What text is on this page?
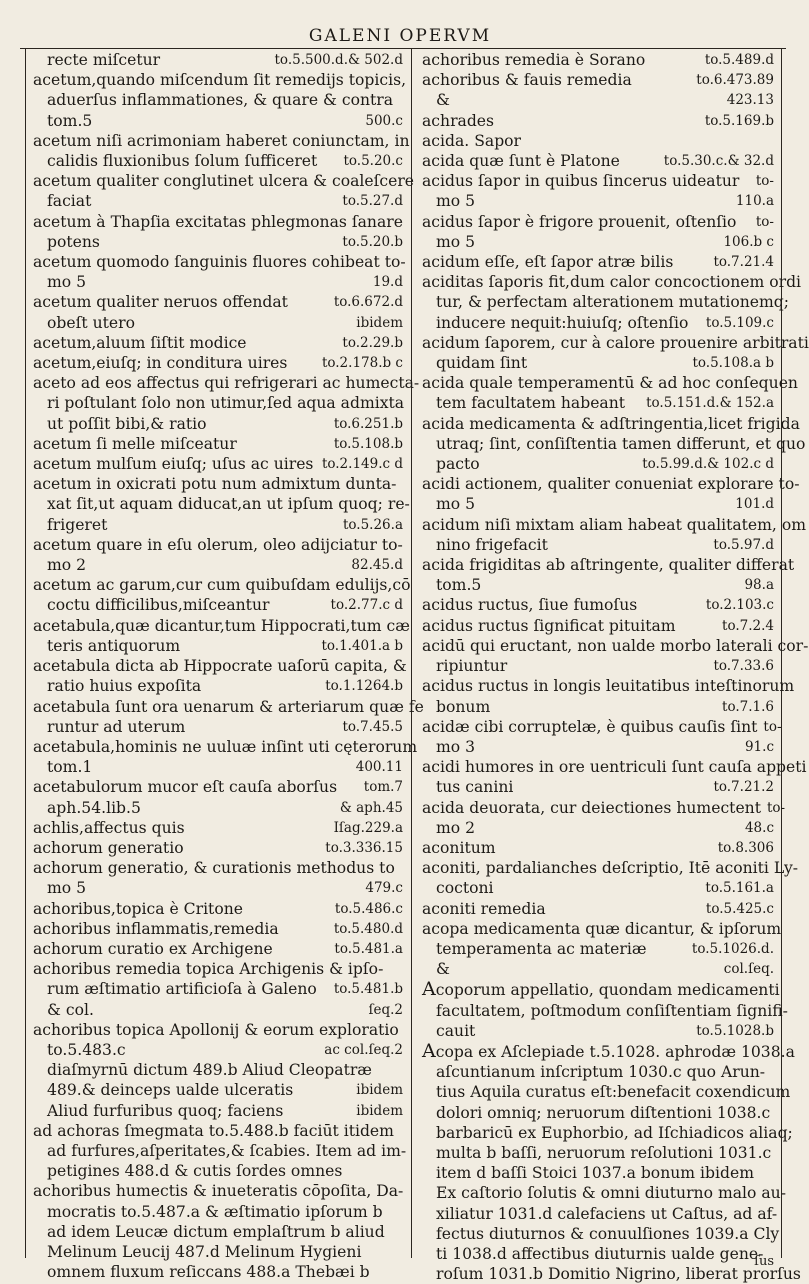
GALENI OPERVM
recte miſcetur	to.5.500.d.& 502.d
acetum,quando miſcendum ſit remedijs topicis,
aduerſus inflammationes, & quare & contra
tom.5	500.c
acetum niſi acrimoniam haberet coniunctam, in
calidis fluxionibus ſolum ſufficeret	to.5.20.c
acetum qualiter conglutinet ulcera & coaleſcere
faciat	to.5.27.d
acetum à Thapſia excitatas phlegmonas ſanare
potens	to.5.20.b
acetum quomodo ſanguinis fluores cohibeat to-
mo 5	19.d
acetum qualiter neruos offendat	to.6.672.d
obeſt utero	ibidem
acetum,aluum ſiſtit modice	to.2.29.b
acetum,eiuſq; in conditura uires	to.2.178.b c
aceto ad eos affectus qui refrigerari ac humecta-
ri poſtulant ſolo non utimur,ſed aqua admixta
ut poſſit bibi,& ratio	to.6.251.b
acetum ſi melle miſceatur	to.5.108.b
acetum mulſum eiuſq; uſus ac uires to.2.149.c d
acetum in oxicrati potu num admixtum dunta-
xat ſit,ut aquam diducat,an ut ipſum quoq; re-
frigeret	to.5.26.a
acetum quare in eſu olerum, oleo adijciatur to-
mo 2	82.45.d
acetum ac garum,cur cum quibuſdam edulijs,cō
coctu difficilibus,miſceantur	to.2.77.c d
acetabula,quæ dicantur,tum Hippocrati,tum cæ
teris antiquorum	to.1.401.a b
acetabula dicta ab Hippocrate uaſorū capita, &
ratio huius expoſita	to.1.1264.b
acetabula ſunt ora uenarum & arteriarum quæ fe
runtur ad uterum	to.7.45.5
acetabula,hominis ne uuluæ inſint uti cęterorum
tom.1	400.11
acetabulorum mucor eſt cauſa aborſus	tom.7
aph.54.lib.5	& aph.45
achlis,affectus quis	Iſag.229.a
achorum generatio	to.3.336.15
achorum generatio, & curationis methodus to
mo 5	479.c
achoribus,topica è Critone	to.5.486.c
achoribus inflammatis,remedia	to.5.480.d
achorum curatio ex Archigene	to.5.481.a
achoribus remedia topica Archigenis & ipſo-
rum æſtimatio artificioſa à Galeno	to.5.481.b
& col.	ſeq.2
achoribus topica Apollonij & eorum exploratio
to.5.483.c	ac col.ſeq.2
diaſmyrnū dictum 489.b Aliud Cleopatræ
489.& deinceps ualde ulceratis	ibidem
Aliud furfuribus quoq; faciens	ibidem
ad achoras ſmegmata to.5.488.b faciūt itidem
ad furfures,aſperitates,& ſcabies. Item ad im-
petigines 488.d & cutis ſordes omnes
achoribus humectis & inueteratis cōpoſita, Da-
mocratis to.5.487.a & æſtimatio ipſorum b
ad idem Leucæ dictum emplaſtrum b aliud
Melinum Leucij 487.d Melinum Hygieni
omnem fluxum reſiccans 488.a Thebæi b
achoribus remedia è Sorano	to.5.489.d
achoribus & fauis remedia	to.6.473.89
&	423.13
achrades	to.5.169.b
acida. Sapor
acida quæ ſunt è Platone	to.5.30.c.& 32.d
acidus ſapor in quibus ſincerus uideatur	to-
mo 5	110.a
acidus ſapor è frigore prouenit, oſtenſio	to-
mo 5	106.b c
acidum eſſe, eſt ſapor atræ bilis	to.7.21.4
aciditas ſaporis fit,dum calor concoctionem ordi
tur, & perfectam alterationem mutationemq;
inducere nequit:huiuſq; oſtenſio	to.5.109.c
acidum ſaporem, cur à calore prouenire arbitrati
quidam ſint	to.5.108.a b
acida quale temperamentū & ad hoc conſequen
tem facultatem habeant	to.5.151.d.& 152.a
acida medicamenta & adſtringentia,licet frigida
utraq; ſint, conſiſtentia tamen differunt, et quo
pacto	to.5.99.d.& 102.c d
acidi actionem, qualiter conueniat explorare to-
mo 5	101.d
acidum niſi mixtam aliam habeat qualitatem, om
nino frigefacit	to.5.97.d
acida frigiditas ab aſtringente, qualiter differat
tom.5	98.a
acidus ructus, ſiue fumoſus	to.2.103.c
acidus ructus ſignificat pituitam	to.7.2.4
acidū qui eructant, non ualde morbo laterali cor-
ripiuntur	to.7.33.6
acidus ructus in longis leuitatibus inteſtinorum
bonum	to.7.1.6
acidæ cibi corruptelæ, è quibus cauſis ſint to-
mo 3	91.c
acidi humores in ore uentriculi ſunt cauſa appeti
tus canini	to.7.21.2
acida deuorata, cur deiectiones humectent to-
mo 2	48.c
aconitum	to.8.306
aconiti, pardalianches deſcriptio, Itē aconiti Ly-
coctoni	to.5.161.a
aconiti remedia	to.5.425.c
acopa medicamenta quæ dicantur, & ipſorum
temperamenta ac materiæ	to.5.1026.d.
&	col.ſeq.
Acoporum appellatio, quondam medicamenti
facultatem, poſtmodum conſiſtentiam ſignifi-
cauit	to.5.1028.b
Acopa ex Aſclepiade t.5.1028. aphrodæ 1038.a
aſcuntianum inſcriptum 1030.c quo Arun-
tius Aquila curatus eſt:benefacit coxendicum
dolori omniq; neruorum diſtentioni 1038.c
barbaricū ex Euphorbio, ad Iſchiadicos aliaq;
multa b baſſi, neruorum reſolutioni 1031.c
item d baſſi Stoici 1037.a bonum ibidem
Ex caſtorio ſolutis & omni diuturno malo au-
xiliatur 1031.d calefaciens ut Caſtus, ad af-
fectus diuturnos & conuulſiones 1039.a Cly
ti 1038.d affectibus diuturnis ualde gene-
roſum 1031.b Domitio Nigrino, liberat prorſus
ſus
